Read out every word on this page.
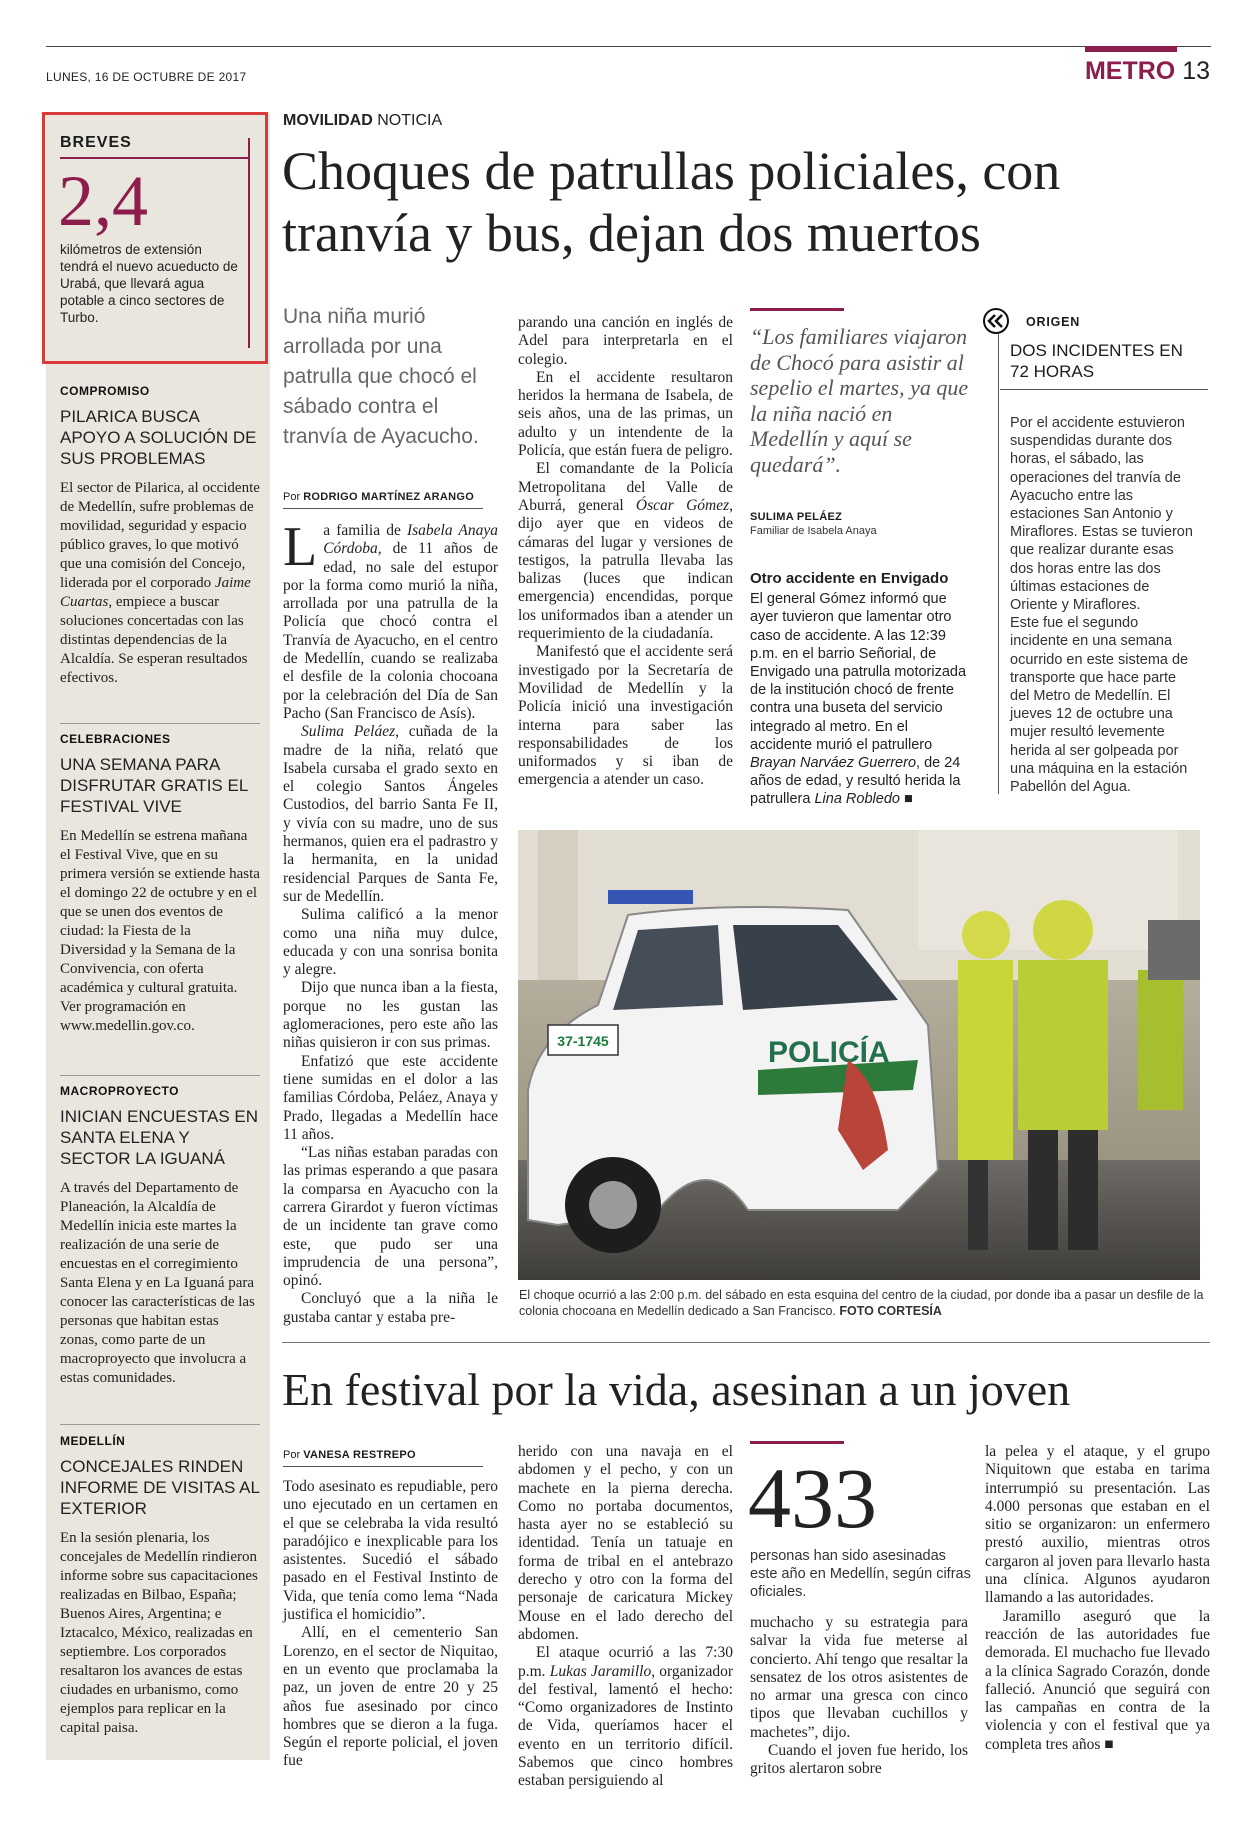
LUNES, 16 DE OCTUBRE DE 2017	METRO 13
BREVES
2,4
kilómetros de extensión tendrá el nuevo acueducto de Urabá, que llevará agua potable a cinco sectores de Turbo.
COMPROMISO
PILARICA BUSCA APOYO A SOLUCIÓN DE SUS PROBLEMAS
El sector de Pilarica, al occidente de Medellín, sufre problemas de movilidad, seguridad y espacio público graves, lo que motivó que una comisión del Concejo, liderada por el corporado Jaime Cuartas, empiece a buscar soluciones concertadas con las distintas dependencias de la Alcaldía. Se esperan resultados efectivos.
CELEBRACIONES
UNA SEMANA PARA DISFRUTAR GRATIS EL FESTIVAL VIVE
En Medellín se estrena mañana el Festival Vive, que en su primera versión se extiende hasta el domingo 22 de octubre y en el que se unen dos eventos de ciudad: la Fiesta de la Diversidad y la Semana de la Convivencia, con oferta académica y cultural gratuita. Ver programación en www.medellin.gov.co.
MACROPROYECTO
INICIAN ENCUESTAS EN SANTA ELENA Y SECTOR LA IGUANÁ
A través del Departamento de Planeación, la Alcaldía de Medellín inicia este martes la realización de una serie de encuestas en el corregimiento Santa Elena y en La Iguaná para conocer las características de las personas que habitan estas zonas, como parte de un macroproyecto que involucra a estas comunidades.
MEDELLÍN
CONCEJALES RINDEN INFORME DE VISITAS AL EXTERIOR
En la sesión plenaria, los concejales de Medellín rindieron informe sobre sus capacitaciones realizadas en Bilbao, España; Buenos Aires, Argentina; e Iztacalco, México, realizadas en septiembre. Los corporados resaltaron los avances de estas ciudades en urbanismo, como ejemplos para replicar en la capital paisa.
MOVILIDAD NOTICIA
Choques de patrullas policiales, con tranvía y bus, dejan dos muertos
Una niña murió arrollada por una patrulla que chocó el sábado contra el tranvía de Ayacucho.
Por RODRIGO MARTÍNEZ ARANGO

La familia de Isabela Anaya Córdoba, de 11 años de edad, no sale del estupor por la forma como murió la niña, arrollada por una patrulla de la Policía que chocó contra el Tranvía de Ayacucho, en el centro de Medellín, cuando se realizaba el desfile de la colonia chocoana por la celebración del Día de San Pacho (San Francisco de Asís).

Sulima Peláez, cuñada de la madre de la niña, relató que Isabela cursaba el grado sexto en el colegio Santos Ángeles Custodios, del barrio Santa Fe II, y vivía con su madre, uno de sus hermanos, quien era el padrastro y la hermanita, en la unidad residencial Parques de Santa Fe, sur de Medellín.

Sulima calificó a la menor como una niña muy dulce, educada y con una sonrisa bonita y alegre.

Dijo que nunca iban a la fiesta, porque no les gustan las aglomeraciones, pero este año las niñas quisieron ir con sus primas.

Enfatizó que este accidente tiene sumidas en el dolor a las familias Córdoba, Peláez, Anaya y Prado, llegadas a Medellín hace 11 años.

“Las niñas estaban paradas con las primas esperando a que pasara la comparsa en Ayacucho con la carrera Girardot y fueron víctimas de un incidente tan grave como este, que pudo ser una imprudencia de una persona”, opinó.

Concluyó que a la niña le gustaba cantar y estaba pre-

parando una canción en inglés de Adel para interpretarla en el colegio.

En el accidente resultaron heridos la hermana de Isabela, de seis años, una de las primas, un adulto y un intendente de la Policía, que están fuera de peligro.

El comandante de la Policía Metropolitana del Valle de Aburrá, general Óscar Gómez, dijo ayer que en videos de cámaras del lugar y versiones de testigos, la patrulla llevaba las balizas (luces que indican emergencia) encendidas, porque los uniformados iban a atender un requerimiento de la ciudadanía.

Manifestó que el accidente será investigado por la Secretaría de Movilidad de Medellín y la Policía inició una investigación interna para saber las responsabilidades de los uniformados y si iban de emergencia a atender un caso.

“Los familiares viajaron de Chocó para asistir al sepelio el martes, ya que la niña nació en Medellín y aquí se quedará”.
SULIMA PELÁEZ
Familiar de Isabela Anaya
Otro accidente en Envigado

El general Gómez informó que ayer tuvieron que lamentar otro caso de accidente. A las 12:39 p.m. en el barrio Señorial, de Envigado una patrulla motorizada de la institución chocó de frente contra una buseta del servicio integrado al metro. En el accidente murió el patrullero Brayan Narváez Guerrero, de 24 años de edad, y resultó herida la patrullera Lina Robledo ■

ORIGEN
DOS INCIDENTES EN 72 HORAS

Por el accidente estuvieron suspendidas durante dos horas, el sábado, las operaciones del tranvía de Ayacucho entre las estaciones San Antonio y Miraflores. Estas se tuvieron que realizar durante esas dos horas entre las dos últimas estaciones de Oriente y Miraflores.

Este fue el segundo incidente en una semana ocurrido en este sistema de transporte que hace parte del Metro de Medellín. El jueves 12 de octubre una mujer resultó levemente herida al ser golpeada por una máquina en la estación Pabellón del Agua.

37-1745	POLICÍA
El choque ocurrió a las 2:00 p.m. del sábado en esta esquina del centro de la ciudad, por donde iba a pasar un desfile de la colonia chocoana en Medellín dedicado a San Francisco. FOTO CORTESÍA
En festival por la vida, asesinan a un joven
Por VANESA RESTREPO

Todo asesinato es repudiable, pero uno ejecutado en un certamen en el que se celebraba la vida resultó paradójico e inexplicable para los asistentes. Sucedió el sábado pasado en el Festival Instinto de Vida, que tenía como lema “Nada justifica el homicidio”.

Allí, en el cementerio San Lorenzo, en el sector de Niquitao, en un evento que proclamaba la paz, un joven de entre 20 y 25 años fue asesinado por cinco hombres que se dieron a la fuga. Según el reporte policial, el joven fue

herido con una navaja en el abdomen y el pecho, y con un machete en la pierna derecha. Como no portaba documentos, hasta ayer no se estableció su identidad. Tenía un tatuaje en forma de tribal en el antebrazo derecho y otro con la forma del personaje de caricatura Mickey Mouse en el lado derecho del abdomen.

El ataque ocurrió a las 7:30 p.m. Lukas Jaramillo, organizador del festival, lamentó el hecho: “Como organizadores de Instinto de Vida, queríamos hacer el evento en un territorio difícil. Sabemos que cinco hombres estaban persiguiendo al

433
personas han sido asesinadas este año en Medellín, según cifras oficiales.

muchacho y su estrategia para salvar la vida fue meterse al concierto. Ahí tengo que resaltar la sensatez de los otros asistentes de no armar una gresca con cinco tipos que llevaban cuchillos y machetes”, dijo.

Cuando el joven fue herido, los gritos alertaron sobre

la pelea y el ataque, y el grupo Niquitown que estaba en tarima interrumpió su presentación. Las 4.000 personas que estaban en el sitio se organizaron: un enfermero prestó auxilio, mientras otros cargaron al joven para llevarlo hasta una clínica. Algunos ayudaron llamando a las autoridades.

Jaramillo aseguró que la reacción de las autoridades fue demorada. El muchacho fue llevado a la clínica Sagrado Corazón, donde falleció. Anunció que seguirá con las campañas en contra de la violencia y con el festival que ya completa tres años ■
